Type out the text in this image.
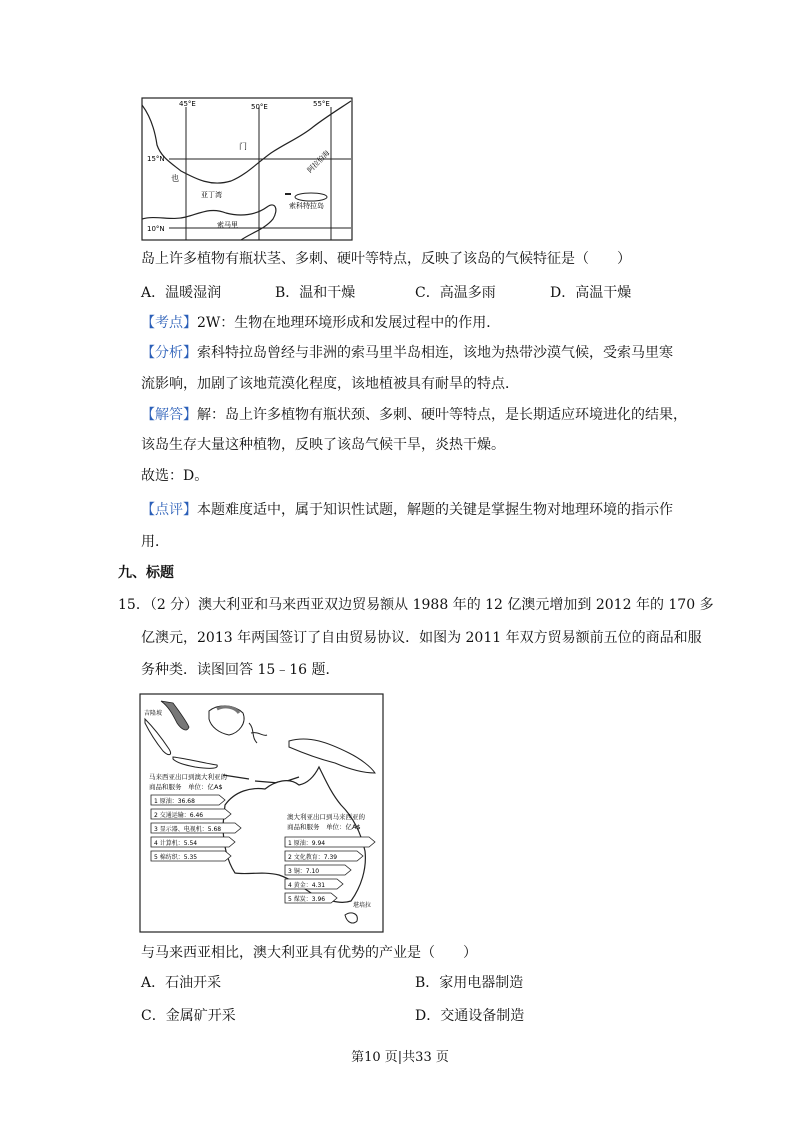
45°E	50°E	55°E
15°N
10°N
门
也
亚丁湾
阿拉伯海
索科特拉岛
索马里
岛上许多植物有瓶状茎、多刺、硬叶等特点，反映了该岛的气候特征是（　　）
A．温暖湿润	B．温和干燥	C．高温多雨	D．高温干燥
【考点】2W：生物在地理环境形成和发展过程中的作用．
【分析】索科特拉岛曾经与非洲的索马里半岛相连，该地为热带沙漠气候，受索马里寒
流影响，加剧了该地荒漠化程度，该地植被具有耐旱的特点．
【解答】解：岛上许多植物有瓶状颈、多刺、硬叶等特点，是长期适应环境进化的结果，
该岛生存大量这种植物，反映了该岛气候干旱，炎热干燥。
故选：D。
【点评】本题难度适中，属于知识性试题，解题的关键是掌握生物对地理环境的指示作
用．
九、标题
15．（2 分）澳大利亚和马来西亚双边贸易额从 1988 年的 12 亿澳元增加到 2012 年的 170 多
亿澳元，2013 年两国签订了自由贸易协议．如图为 2011 年双方贸易额前五位的商品和服
务种类．读图回答 15﹣16 题．
吉隆坡
堪培拉
马来西亚出口到澳大利亚的
商品和服务　单位：亿A$
1 原油：36.68
2 交通运输：6.46
3 显示器、电视机：5.68
4 计算机：5.54
5 棉纺织：5.35
澳大利亚出口到马来西亚的
商品和服务　单位：亿A$
1 原油：9.94
2 文化教育：7.39
3 铜：7.10
4 黄金：4.31
5 煤炭：3.96
与马来西亚相比，澳大利亚具有优势的产业是（　　）
A．石油开采	B．家用电器制造
C．金属矿开采	D．交通设备制造
第10 页|共33 页
